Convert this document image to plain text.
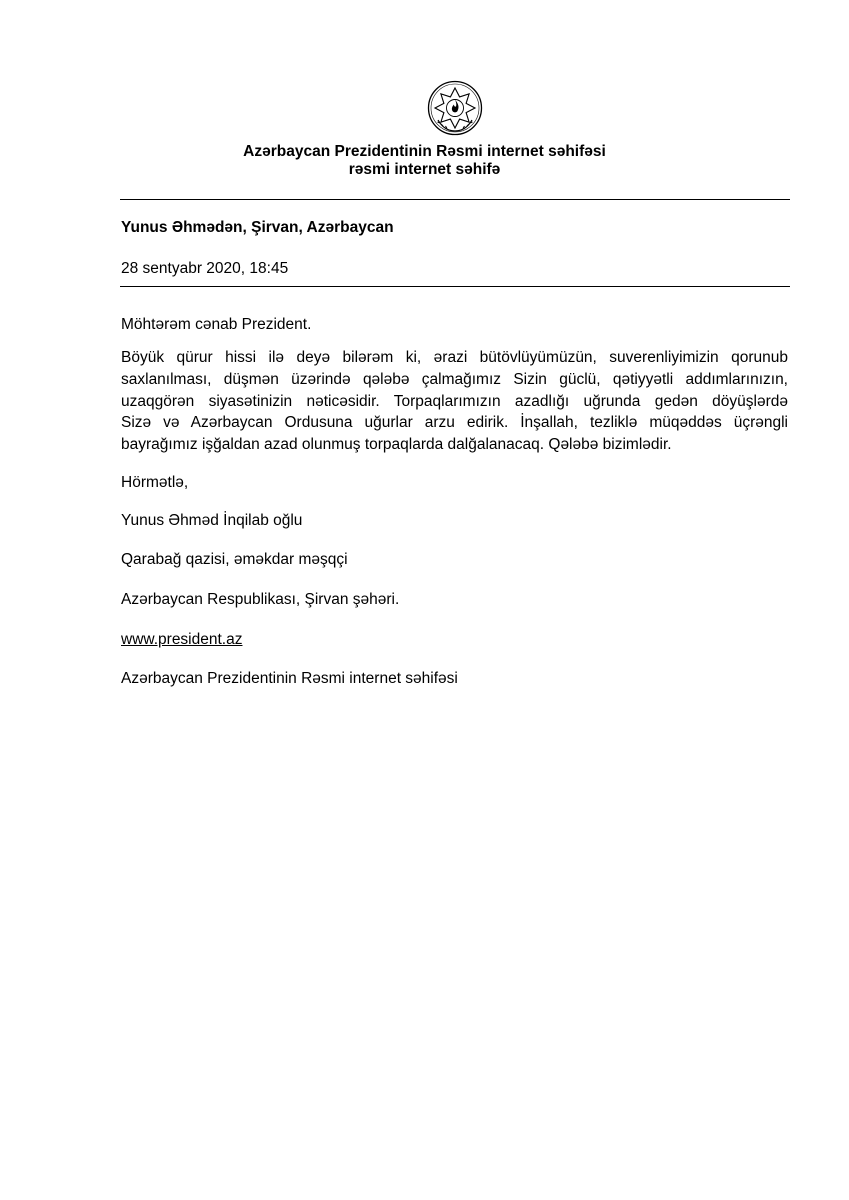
Azərbaycan Prezidentinin Rəsmi internet səhifəsi
rəsmi internet səhifə
Yunus Əhmədən, Şirvan, Azərbaycan
28 sentyabr 2020, 18:45
Möhtərəm cənab Prezident.
Böyük qürur hissi ilə deyə bilərəm ki, ərazi bütövlüyümüzün, suverenliyimizin qorunub
saxlanılması, düşmən üzərində qələbə çalmağımız Sizin güclü, qətiyyətli addımlarınızın,
uzaqgörən siyasətinizin nəticəsidir. Torpaqlarımızın azadlığı uğrunda gedən döyüşlərdə
Sizə və Azərbaycan Ordusuna uğurlar arzu edirik. İnşallah, tezliklə müqəddəs üçrəngli
bayrağımız işğaldan azad olunmuş torpaqlarda dalğalanacaq. Qələbə bizimlədir.
Hörmətlə,
Yunus Əhməd İnqilab oğlu
Qarabağ qazisi, əməkdar məşqçi
Azərbaycan Respublikası, Şirvan şəhəri.
www.president.az
Azərbaycan Prezidentinin Rəsmi internet səhifəsi
